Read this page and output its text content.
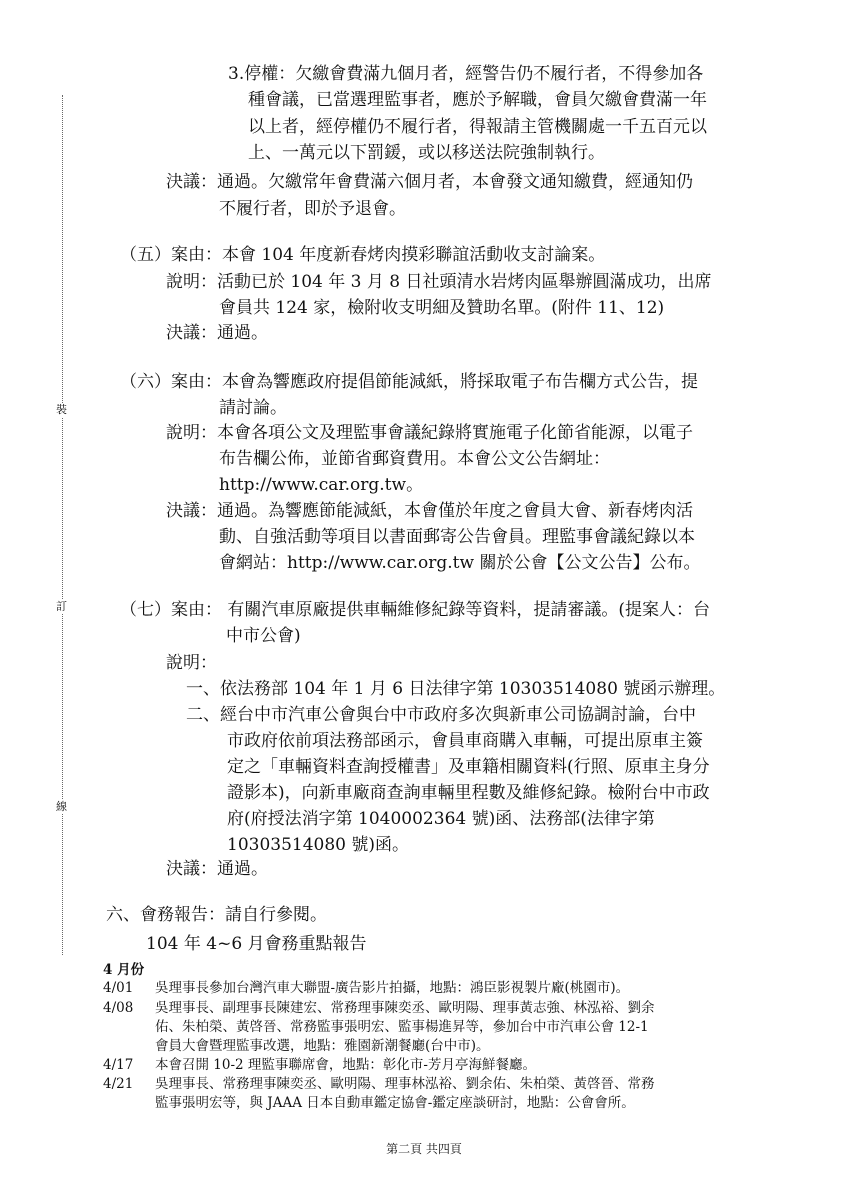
裝
訂
線
3.停權：欠繳會費滿九個月者，經警告仍不履行者，不得參加各
種會議，已當選理監事者，應於予解職，會員欠繳會費滿一年
以上者，經停權仍不履行者，得報請主管機關處一千五百元以
上、一萬元以下罰鍰，或以移送法院強制執行。
決議：通過。欠繳常年會費滿六個月者，本會發文通知繳費，經通知仍
不履行者，即於予退會。
（五）案由：本會 104 年度新春烤肉摸彩聯誼活動收支討論案。
說明：活動已於 104 年 3 月 8 日社頭清水岩烤肉區舉辦圓滿成功，出席
會員共 124 家，檢附收支明細及贊助名單。(附件 11、12)
決議：通過。
（六）案由：本會為響應政府提倡節能減紙，將採取電子布告欄方式公告，提
請討論。
說明：本會各項公文及理監事會議紀錄將實施電子化節省能源，以電子
布告欄公佈，並節省郵資費用。本會公文公告網址：
http://www.car.org.tw。
決議：通過。為響應節能減紙，本會僅於年度之會員大會、新春烤肉活
動、自強活動等項目以書面郵寄公告會員。理監事會議紀錄以本
會網站：http://www.car.org.tw 關於公會【公文公告】公布。
（七）案由： 有關汽車原廠提供車輛維修紀錄等資料，提請審議。(提案人：台
中市公會)
說明：
一、依法務部 104 年 1 月 6 日法律字第 10303514080 號函示辦理。
二、經台中市汽車公會與台中市政府多次與新車公司協調討論，台中
市政府依前項法務部函示，會員車商購入車輛，可提出原車主簽
定之「車輛資料查詢授權書」及車籍相關資料(行照、原車主身分
證影本)，向新車廠商查詢車輛里程數及維修紀錄。檢附台中市政
府(府授法消字第 1040002364 號)函、法務部(法律字第
10303514080 號)函。
決議：通過。
六、會務報告：請自行參閱。
104 年 4~6 月會務重點報告
4 月份
4/01 吳理事長參加台灣汽車大聯盟-廣告影片拍攝，地點：鴻臣影視製片廠(桃園市)。
4/08 吳理事長、副理事長陳建宏、常務理事陳奕丞、歐明陽、理事黃志強、林泓裕、劉余
佑、朱柏榮、黃啓晉、常務監事張明宏、監事楊進昇等，參加台中市汽車公會 12-1
會員大會暨理監事改選，地點：雅園新潮餐廳(台中市)。
4/17 本會召開 10-2 理監事聯席會，地點：彰化市-芳月亭海鮮餐廳。
4/21 吳理事長、常務理事陳奕丞、歐明陽、理事林泓裕、劉余佑、朱柏榮、黃啓晉、常務
監事張明宏等，與 JAAA 日本自動車鑑定協會-鑑定座談研討，地點：公會會所。
第二頁 共四頁
